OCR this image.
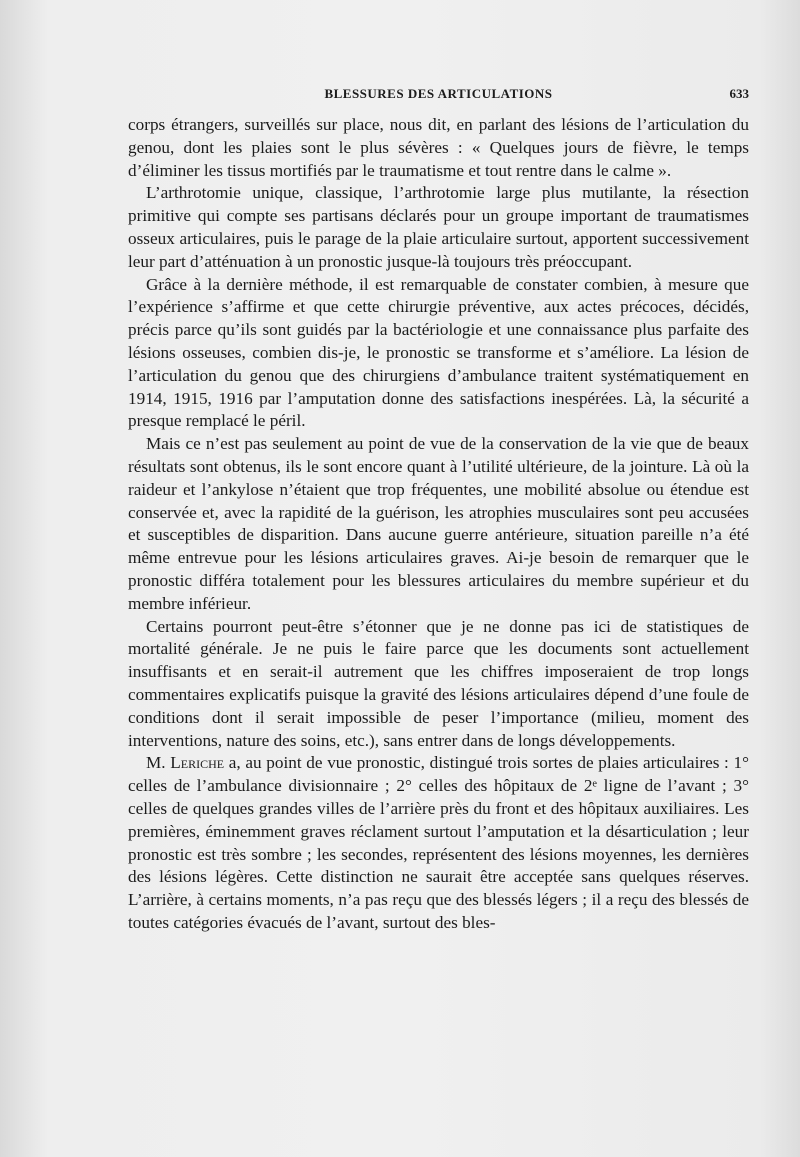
BLESSURES DES ARTICULATIONS	633

corps étrangers, surveillés sur place, nous dit, en parlant des lésions de l’articulation du genou, dont les plaies sont le plus sévères : « Quelques jours de fièvre, le temps d’éliminer les tissus mortifiés par le traumatisme et tout rentre dans le calme ».

L’arthrotomie unique, classique, l’arthrotomie large plus mutilante, la résection primitive qui compte ses partisans déclarés pour un groupe important de traumatismes osseux articulaires, puis le parage de la plaie articulaire surtout, apportent successivement leur part d’atténuation à un pronostic jusque-là toujours très préoccupant.

Grâce à la dernière méthode, il est remarquable de constater combien, à mesure que l’expérience s’affirme et que cette chirurgie préventive, aux actes précoces, décidés, précis parce qu’ils sont guidés par la bactériologie et une connaissance plus parfaite des lésions osseuses, combien dis-je, le pronostic se transforme et s’améliore. La lésion de l’articulation du genou que des chirurgiens d’ambulance traitent systématiquement en 1914, 1915, 1916 par l’amputation donne des satisfactions inespérées. Là, la sécurité a presque remplacé le péril.

Mais ce n’est pas seulement au point de vue de la conservation de la vie que de beaux résultats sont obtenus, ils le sont encore quant à l’utilité ultérieure, de la jointure. Là où la raideur et l’ankylose n’étaient que trop fréquentes, une mobilité absolue ou étendue est conservée et, avec la rapidité de la guérison, les atrophies musculaires sont peu accusées et susceptibles de disparition. Dans aucune guerre antérieure, situation pareille n’a été même entrevue pour les lésions articulaires graves. Ai-je besoin de remarquer que le pronostic différa totalement pour les blessures articulaires du membre supérieur et du membre inférieur.

Certains pourront peut-être s’étonner que je ne donne pas ici de statistiques de mortalité générale. Je ne puis le faire parce que les documents sont actuellement insuffisants et en serait-il autrement que les chiffres imposeraient de trop longs commentaires explicatifs puisque la gravité des lésions articulaires dépend d’une foule de conditions dont il serait impossible de peser l’importance (milieu, moment des interventions, nature des soins, etc.), sans entrer dans de longs développements.

M. Leriche a, au point de vue pronostic, distingué trois sortes de plaies articulaires : 1° celles de l’ambulance divisionnaire ; 2° celles des hôpitaux de 2ᵉ ligne de l’avant ; 3° celles de quelques grandes villes de l’arrière près du front et des hôpitaux auxiliaires. Les premières, éminemment graves réclament surtout l’amputation et la désarticulation ; leur pronostic est très sombre ; les secondes, représentent des lésions moyennes, les dernières des lésions légères. Cette distinction ne saurait être acceptée sans quelques réserves. L’arrière, à certains moments, n’a pas reçu que des blessés légers ; il a reçu des blessés de toutes catégories évacués de l’avant, surtout des bles-
